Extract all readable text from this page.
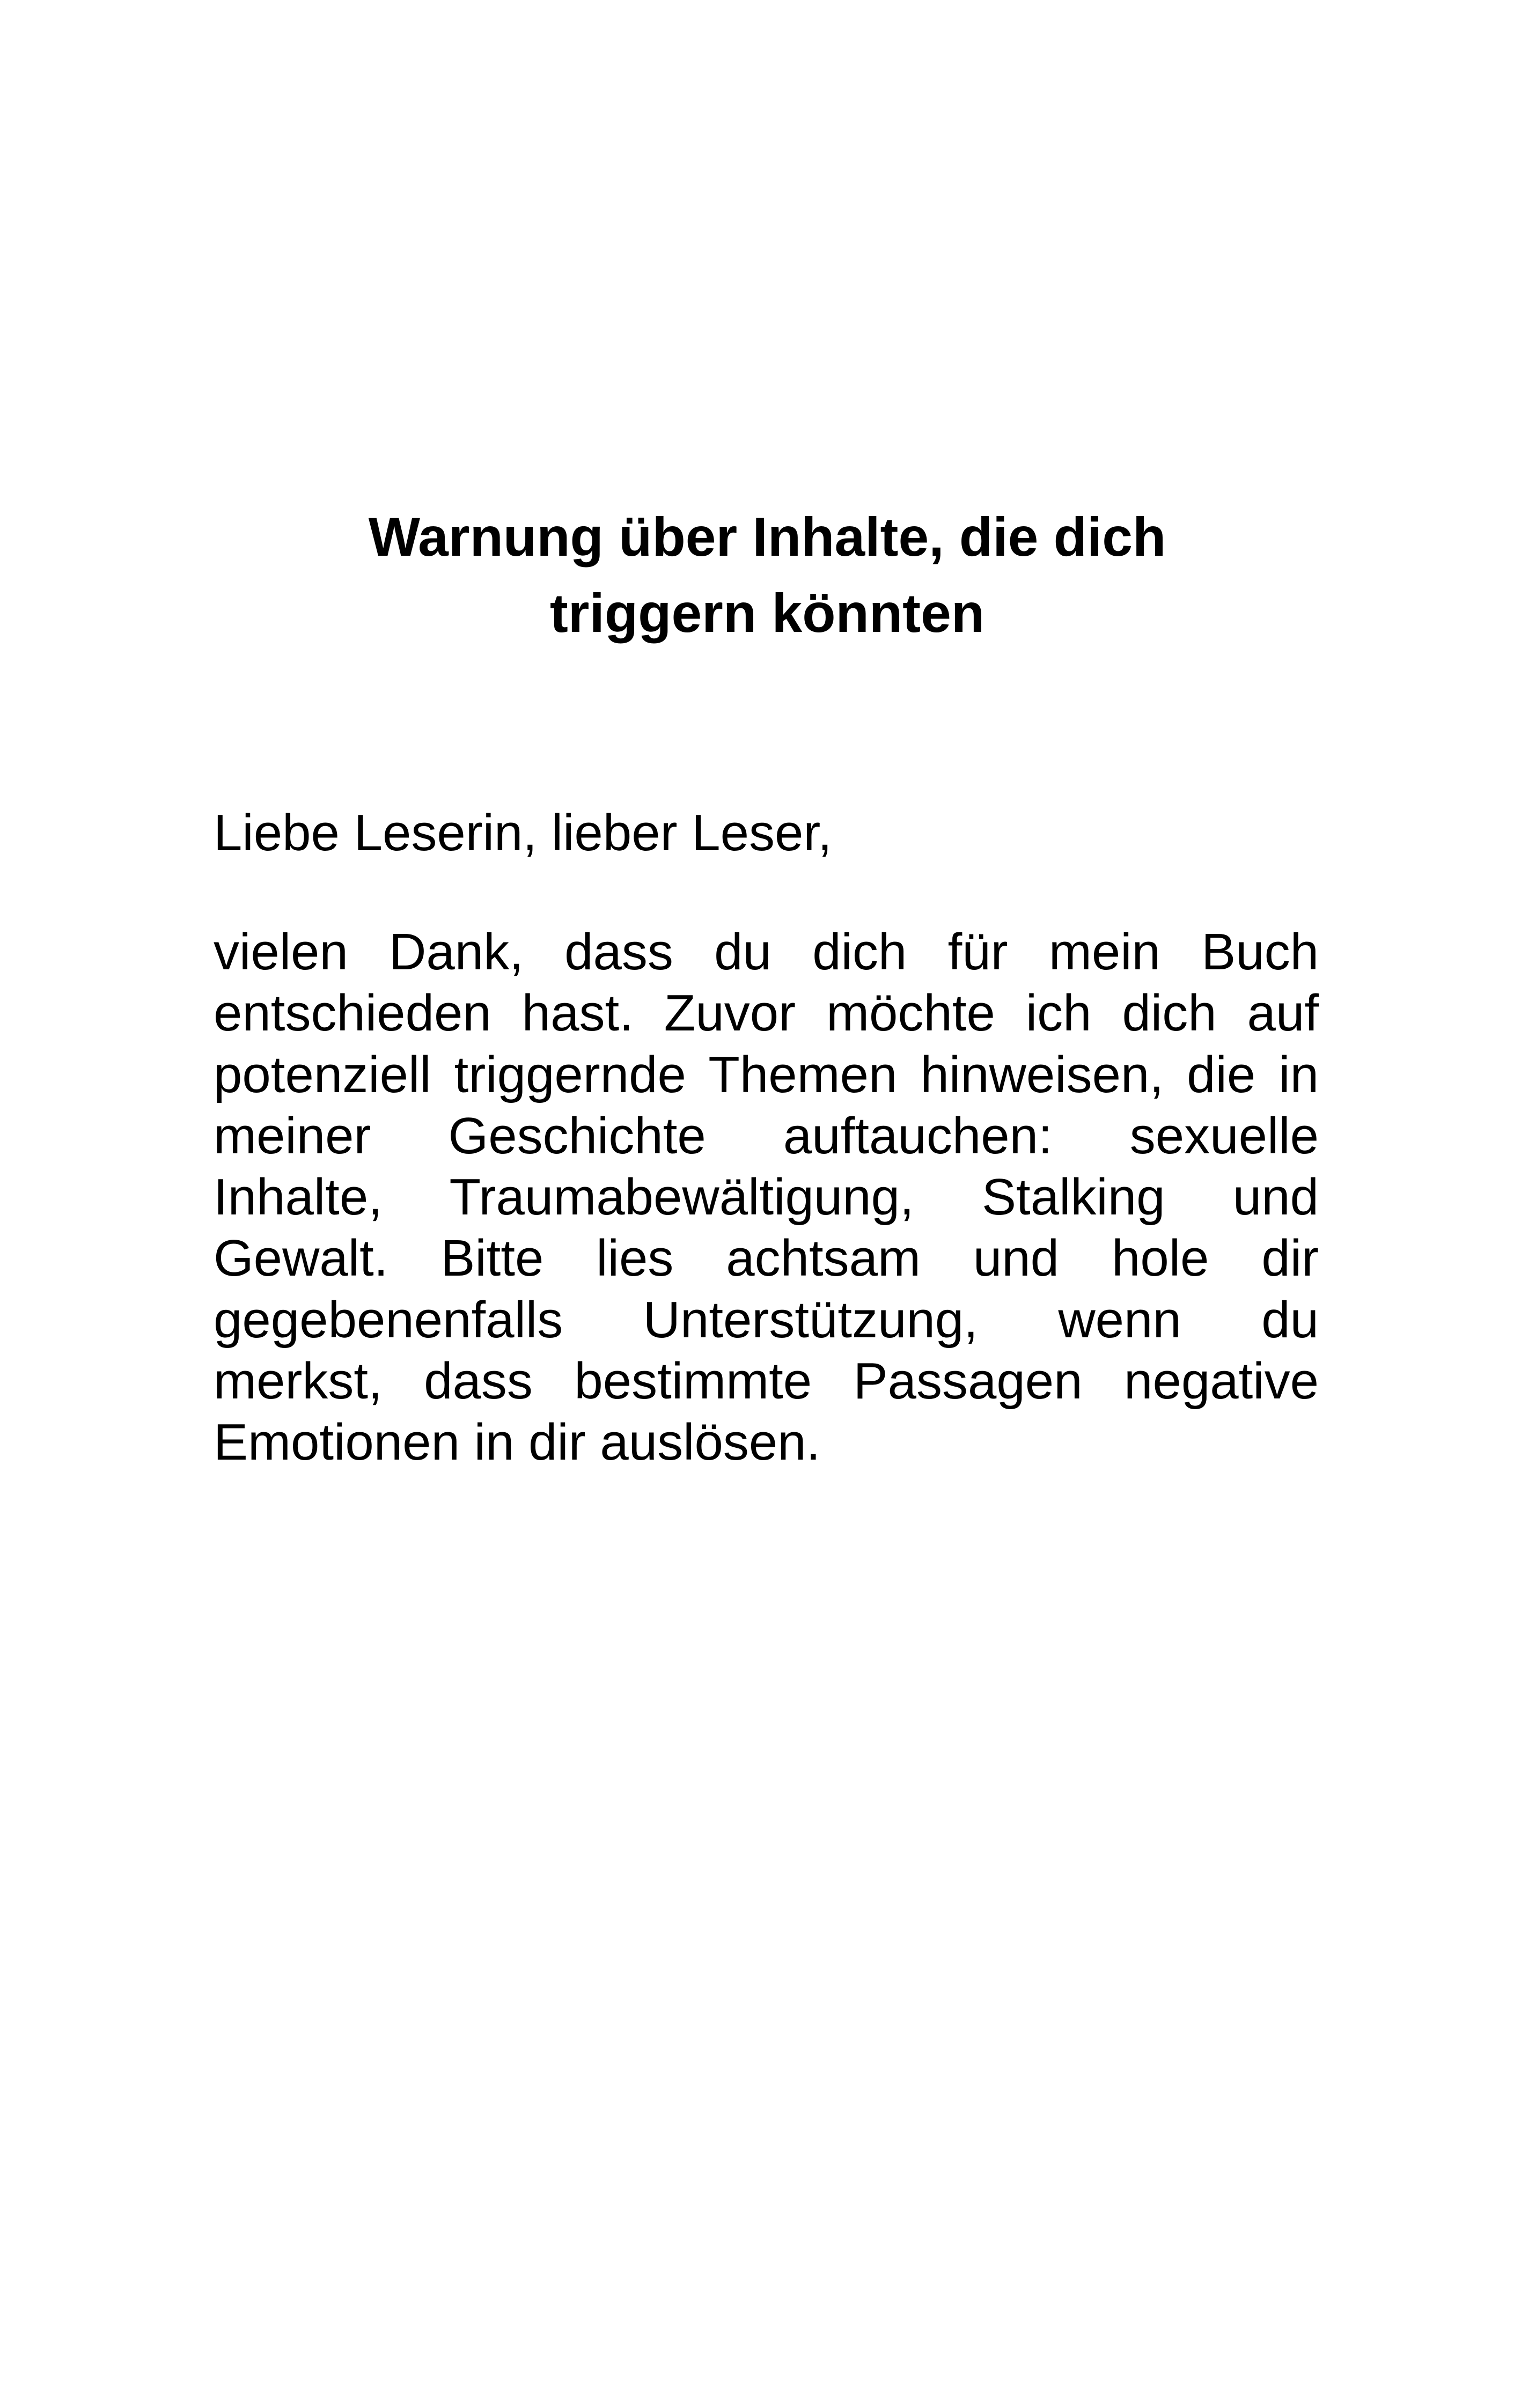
Warnung über Inhalte, die dich
triggern könnten

Liebe Leserin, lieber Leser,

vielen Dank, dass du dich für mein Buch
entschieden hast. Zuvor möchte ich dich auf
potenziell triggernde Themen hinweisen, die in
meiner Geschichte auftauchen: sexuelle
Inhalte, Traumabewältigung, Stalking und
Gewalt. Bitte lies achtsam und hole dir
gegebenenfalls Unterstützung, wenn du
merkst, dass bestimmte Passagen negative
Emotionen in dir auslösen.
